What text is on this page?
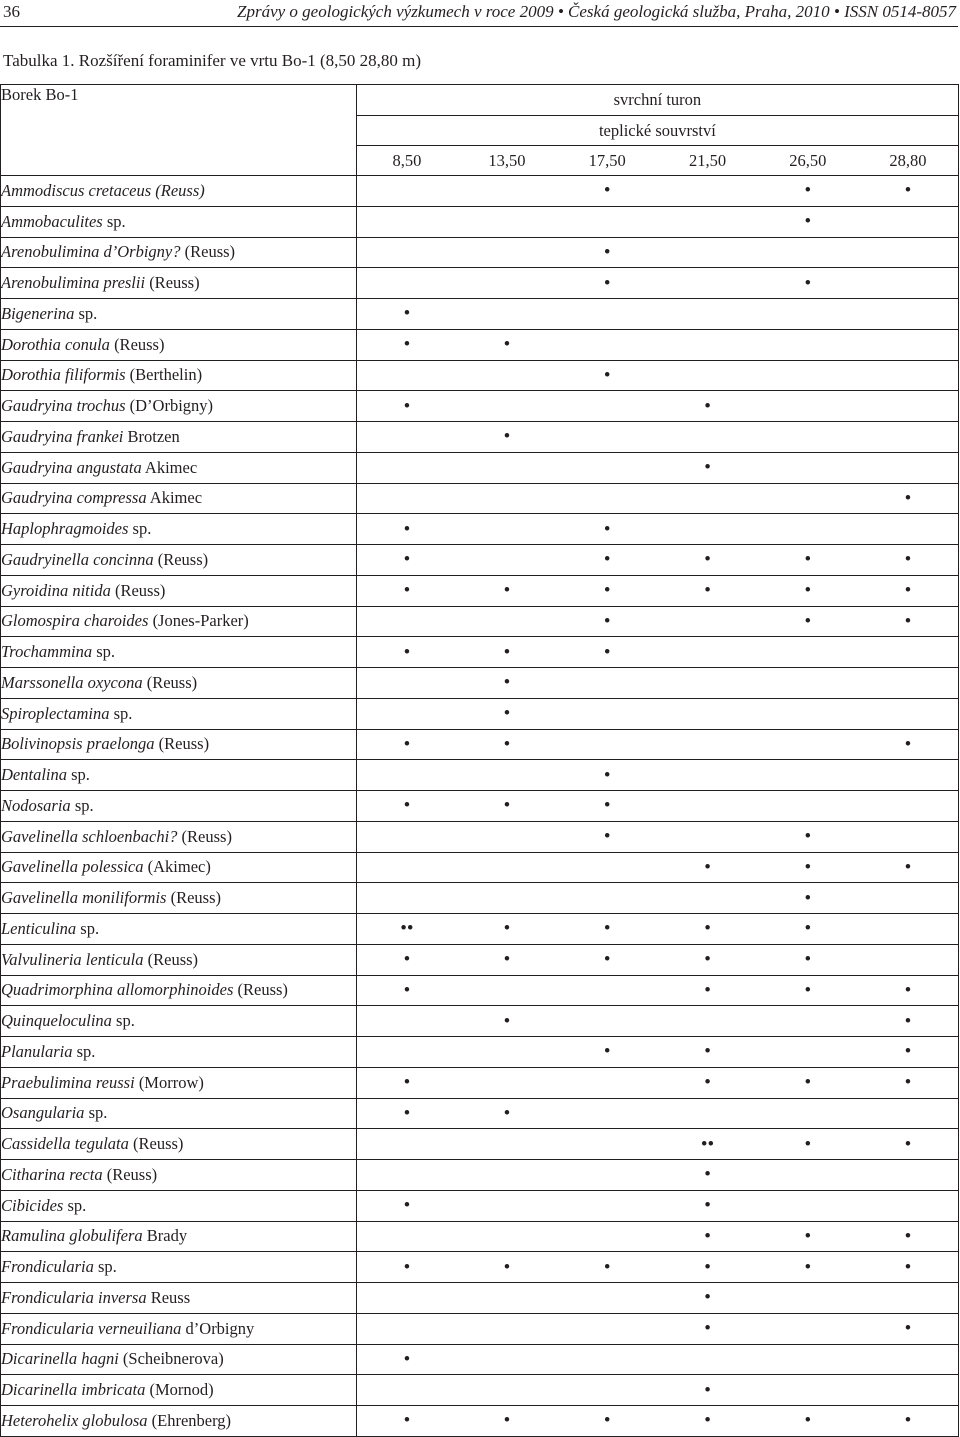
36	Zprávy o geologických výzkumech v roce 2009 • Česká geologická služba, Praha, 2010 • ISSN 0514-8057
Tabulka 1. Rozšíření foraminifer ve vrtu Bo-1 (8,50 28,80 m)
Borek Bo-1	svrchní turon					
	teplické souvrství					
	8,50	13,50	17,50	21,50	26,50	28,80
Ammodiscus cretaceus (Reuss)			•		•	•
Ammobaculites sp.					•	
Arenobulimina d’Orbigny? (Reuss)			•			
Arenobulimina preslii (Reuss)			•		•	
Bigenerina sp.	•					
Dorothia conula (Reuss)	•	•				
Dorothia filiformis (Berthelin)			•			
Gaudryina trochus (D’Orbigny)	•			•		
Gaudryina frankei Brotzen		•				
Gaudryina angustata Akimec				•		
Gaudryina compressa Akimec						•
Haplophragmoides sp.	•		•			
Gaudryinella concinna (Reuss)	•		•	•	•	•
Gyroidina nitida (Reuss)	•	•	•	•	•	•
Glomospira charoides (Jones-Parker)			•		•	•
Trochammina sp.	•	•	•			
Marssonella oxycona (Reuss)		•				
Spiroplectamina sp.		•				
Bolivinopsis praelonga (Reuss)	•	•				•
Dentalina sp.			•			
Nodosaria sp.	•	•	•			
Gavelinella schloenbachi? (Reuss)			•		•	
Gavelinella polessica (Akimec)				•	•	•
Gavelinella moniliformis (Reuss)					•	
Lenticulina sp.	••	•	•	•	•	
Valvulineria lenticula (Reuss)	•	•	•	•	•	
Quadrimorphina allomorphinoides (Reuss)	•			•	•	•
Quinqueloculina sp.		•				•
Planularia sp.			•	•		•
Praebulimina reussi (Morrow)	•			•	•	•
Osangularia sp.	•	•				
Cassidella tegulata (Reuss)				••	•	•
Citharina recta (Reuss)				•		
Cibicides sp.	•			•		
Ramulina globulifera Brady				•	•	•
Frondicularia sp.	•	•	•	•	•	•
Frondicularia inversa Reuss				•		
Frondicularia verneuiliana d’Orbigny				•		•
Dicarinella hagni (Scheibnerova)	•					
Dicarinella imbricata (Mornod)				•		
Heterohelix globulosa (Ehrenberg)	•	•	•	•	•	•
